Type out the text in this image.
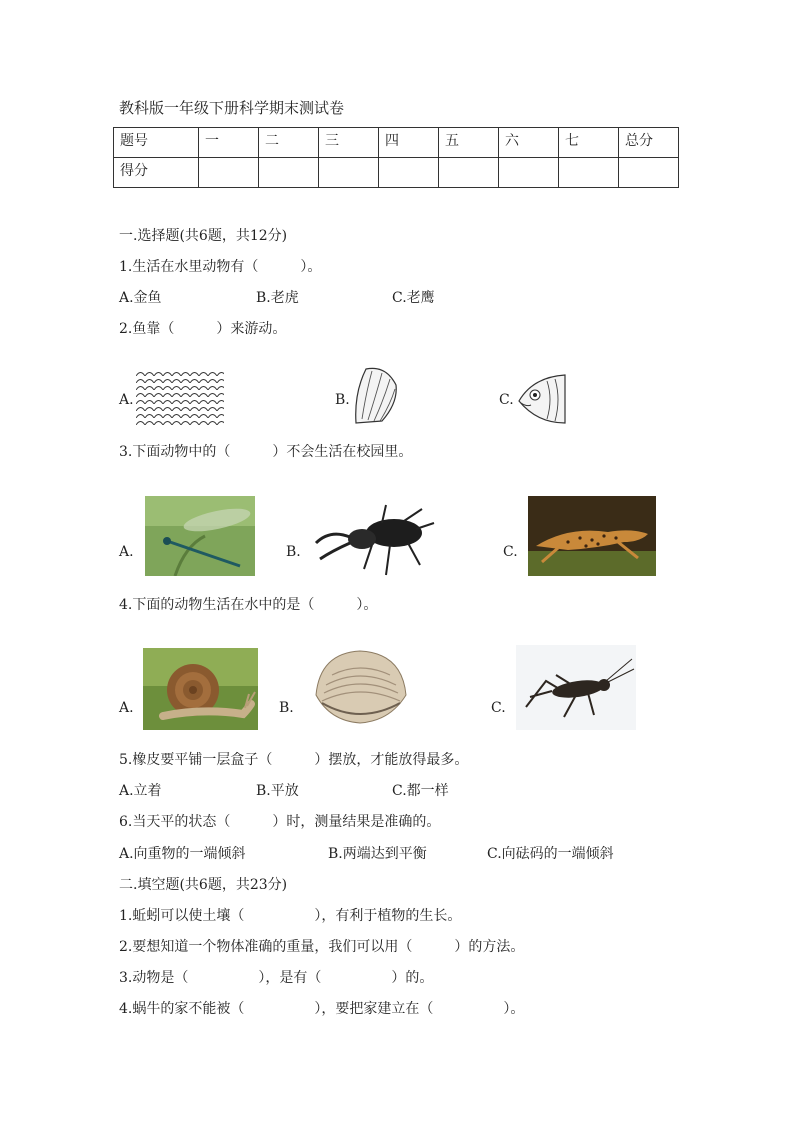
教科版一年级下册科学期末测试卷
题号	一	二	三	四	五	六	七	总分
得分								
一.选择题(共6题，共12分)
1.生活在水里动物有（　　　）。
A.金鱼	B.老虎	C.老鹰
2.鱼靠（　　　）来游动。
A.	B.	C.
3.下面动物中的（　　　）不会生活在校园里。
A.	B.	C.
4.下面的动物生活在水中的是（　　　）。
A.	B.	C.
5.橡皮要平铺一层盒子（　　　）摆放，才能放得最多。
A.立着	B.平放	C.都一样
6.当天平的状态（　　　）时，测量结果是准确的。
A.向重物的一端倾斜	B.两端达到平衡	C.向砝码的一端倾斜
二.填空题(共6题，共23分)
1.蚯蚓可以使土壤（　　　　　），有利于植物的生长。
2.要想知道一个物体准确的重量，我们可以用（　　　）的方法。
3.动物是（　　　　　），是有（　　　　　）的。
4.蜗牛的家不能被（　　　　　），要把家建立在（　　　　　）。
